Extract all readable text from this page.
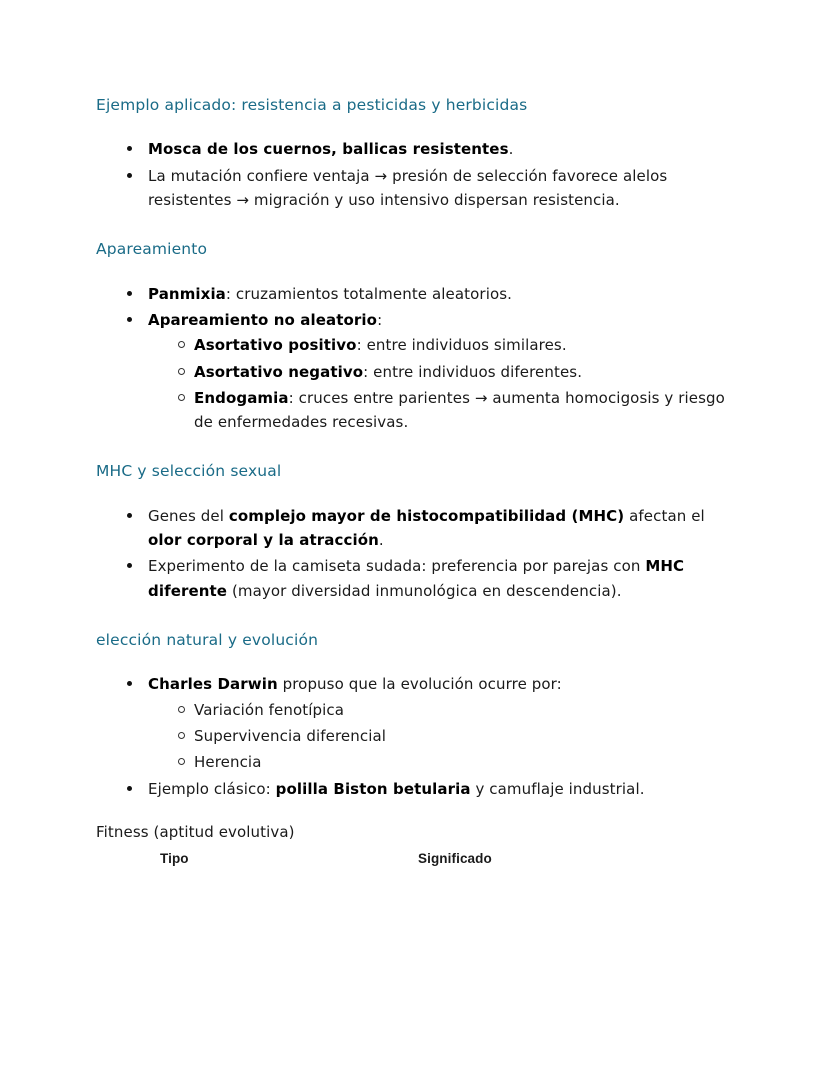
Ejemplo aplicado: resistencia a pesticidas y herbicidas
Mosca de los cuernos, ballicas resistentes.
La mutación confiere ventaja → presión de selección favorece alelos resistentes → migración y uso intensivo dispersan resistencia.
Apareamiento
Panmixia: cruzamientos totalmente aleatorios.
Apareamiento no aleatorio:
Asortativo positivo: entre individuos similares.
Asortativo negativo: entre individuos diferentes.
Endogamia: cruces entre parientes → aumenta homocigosis y riesgo de enfermedades recesivas.
MHC y selección sexual
Genes del complejo mayor de histocompatibilidad (MHC) afectan el olor corporal y la atracción.
Experimento de la camiseta sudada: preferencia por parejas con MHC diferente (mayor diversidad inmunológica en descendencia).
elección natural y evolución
Charles Darwin propuso que la evolución ocurre por:
Variación fenotípica
Supervivencia diferencial
Herencia
Ejemplo clásico: polilla Biston betularia y camuflaje industrial.
Fitness (aptitud evolutiva)
Tipo	Significado
